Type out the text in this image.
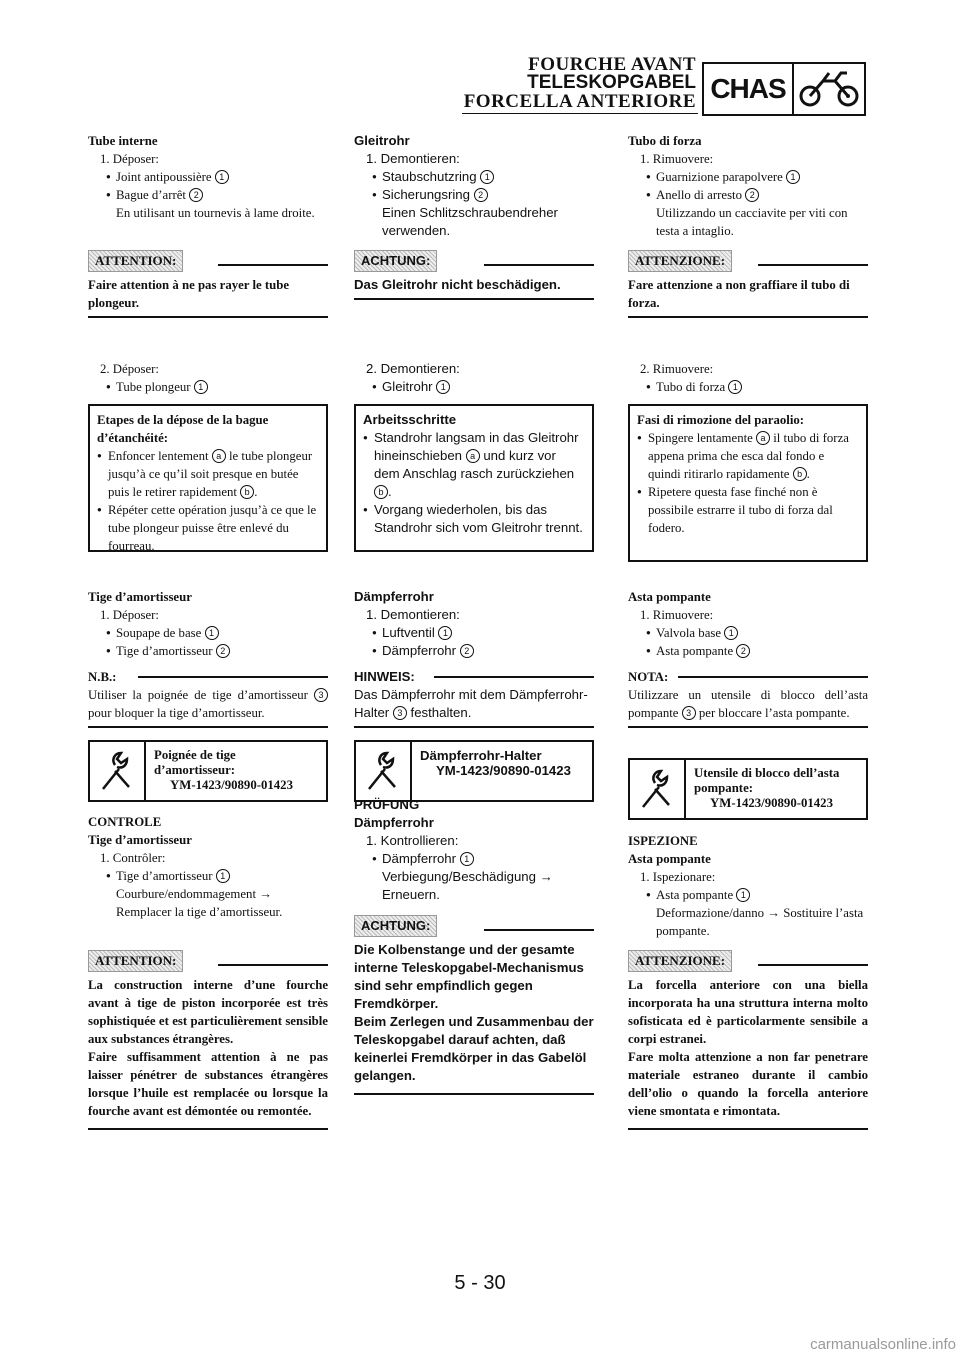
FOURCHE AVANT
TELESKOPGABEL
FORCELLA ANTERIORE CHAS
Tube interne
1. Déposer:
● Joint antipoussière 1
● Bague d’arrêt 2
En utilisant un tournevis à lame droite.
ATTENTION:
Faire attention à ne pas rayer le tube plongeur.
2. Déposer:
● Tube plongeur 1
Etapes de la dépose de la bague d’étanchéité:
● Enfoncer lentement a le tube plongeur jusqu’à ce qu’il soit presque en butée puis le retirer rapidement b .
● Répéter cette opération jusqu’à ce que le tube plongeur puisse être enlevé du fourreau.
Tige d’amortisseur
1. Déposer:
● Soupape de base 1
● Tige d’amortisseur 2
N.B.:
Utiliser la poignée de tige d’amortisseur 3 pour bloquer la tige d’amortisseur.
Poignée de tige d’amortisseur:
YM-1423/90890-01423
CONTROLE
Tige d’amortisseur
1. Contrôler:
● Tige d’amortisseur 1
Courbure/endommagement → Remplacer la tige d’amortisseur.
ATTENTION:
La construction interne d’une fourche avant à tige de piston incorporée est très sophistiquée et est particulièrement sensible aux substances étrangères.
Faire suffisamment attention à ne pas laisser pénétrer de substances étrangères lorsque l’huile est remplacée ou lorsque la fourche avant est démontée ou remontée.
Gleitrohr
1. Demontieren:
● Staubschutzring 1
● Sicherungsring 2
Einen Schlitzschraubendreher verwenden.
ACHTUNG:
Das Gleitrohr nicht beschädigen.
2. Demontieren:
● Gleitrohr 1
Arbeitsschritte
● Standrohr langsam in das Gleitrohr hineinschieben a und kurz vor dem Anschlag rasch zurückziehen b .
● Vorgang wiederholen, bis das Standrohr sich vom Gleitrohr trennt.
Dämpferrohr
1. Demontieren:
● Luftventil 1
● Dämpferrohr 2
HINWEIS:
Das Dämpferrohr mit dem Dämpferrohr-Halter 3 festhalten.
Dämpferrohr-Halter
YM-1423/90890-01423
PRÜFUNG
Dämpferrohr
1. Kontrollieren:
● Dämpferrohr 1
Verbiegung/Beschädigung → Erneuern.
ACHTUNG:
Die Kolbenstange und der gesamte interne Teleskopgabel-Mechanismus sind sehr empfindlich gegen Fremdkörper.
Beim Zerlegen und Zusammenbau der Teleskopgabel darauf achten, daß keinerlei Fremdkörper in das Gabelöl gelangen.
Tubo di forza
1. Rimuovere:
● Guarnizione parapolvere 1
● Anello di arresto 2
Utilizzando un cacciavite per viti con testa a intaglio.
ATTENZIONE:
Fare attenzione a non graffiare il tubo di forza.
2. Rimuovere:
● Tubo di forza 1
Fasi di rimozione del paraolio:
● Spingere lentamente a il tubo di forza appena prima che esca dal fondo e quindi ritirarlo rapidamente b .
● Ripetere questa fase finché non è possibile estrarre il tubo di forza dal fodero.
Asta pompante
1. Rimuovere:
● Valvola base 1
● Asta pompante 2
NOTA:
Utilizzare un utensile di blocco dell’asta pompante 3 per bloccare l’asta pompante.
Utensile di blocco dell’asta pompante:
YM-1423/90890-01423
ISPEZIONE
Asta pompante
1. Ispezionare:
● Asta pompante 1
Deformazione/danno → Sostituire l’asta pompante.
ATTENZIONE:
La forcella anteriore con una biella incorporata ha una struttura interna molto sofisticata ed è particolarmente sensibile a corpi estranei.
Fare molta attenzione a non far penetrare materiale estraneo durante il cambio dell’olio o quando la forcella anteriore viene smontata e rimontata.
5 - 30
carmanualsonline.info
